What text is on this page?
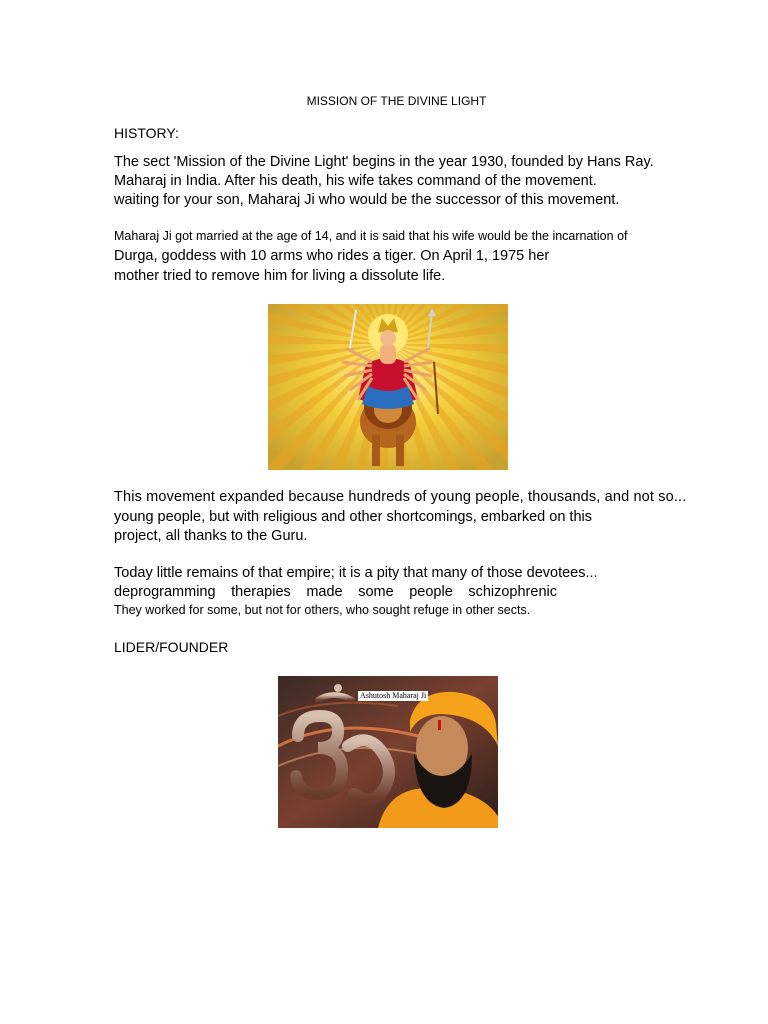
MISSION OF THE DIVINE LIGHT

HISTORY:

The sect 'Mission of the Divine Light' begins in the year 1930, founded by Hans Ray.

Maharaj in India. After his death, his wife takes command of the movement.

waiting for your son, Maharaj Ji who would be the successor of this movement.

Maharaj Ji got married at the age of 14, and it is said that his wife would be the incarnation of

Durga, goddess with 10 arms who rides a tiger. On April 1, 1975 her

mother tried to remove him for living a dissolute life.

This movement expanded because hundreds of young people, thousands, and not so...

young people, but with religious and other shortcomings, embarked on this

project, all thanks to the Guru.

Today little remains of that empire; it is a pity that many of those devotees...

deprogramming therapies made some people schizophrenic

They worked for some, but not for others, who sought refuge in other sects.

LIDER/FOUNDER

Ashutosh Maharaj Ji
